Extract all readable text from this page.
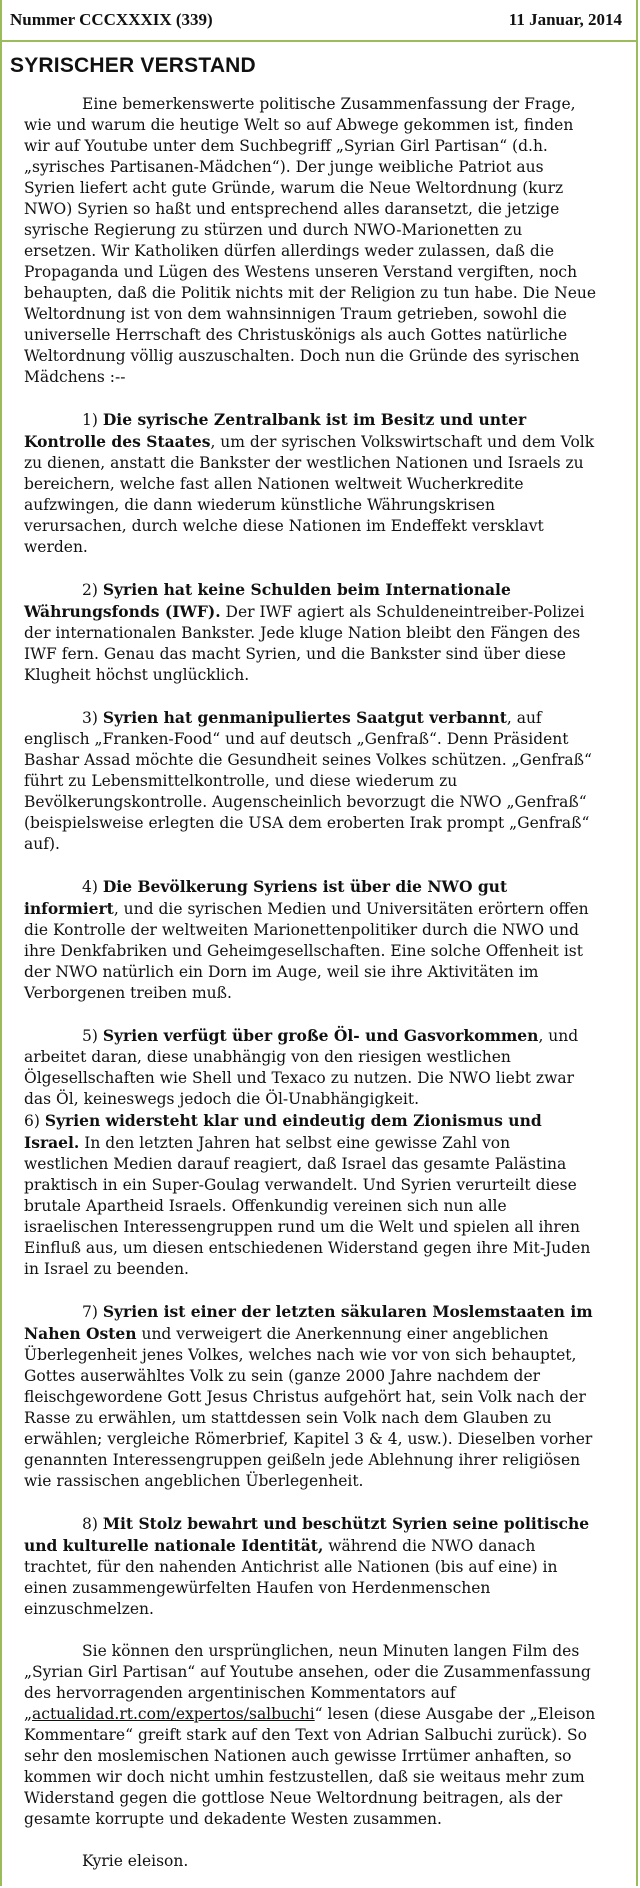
Nummer CCCXXXIX (339)	11 Januar, 2014
SYRISCHER VERSTAND

Eine bemerkenswerte politische Zusammenfassung der Frage, wie und warum die heutige Welt so auf Abwege gekommen ist, finden wir auf Youtube unter dem Suchbegriff „Syrian Girl Partisan“ (d.h. „syrisches Partisanen-Mädchen“). Der junge weibliche Patriot aus Syrien liefert acht gute Gründe, warum die Neue Weltordnung (kurz NWO) Syrien so haßt und entsprechend alles daransetzt, die jetzige syrische Regierung zu stürzen und durch NWO-Marionetten zu ersetzen. Wir Katholiken dürfen allerdings weder zulassen, daß die Propaganda und Lügen des Westens unseren Verstand vergiften, noch behaupten, daß die Politik nichts mit der Religion zu tun habe. Die Neue Weltordnung ist von dem wahnsinnigen Traum getrieben, sowohl die universelle Herrschaft des Christuskönigs als auch Gottes natürliche Weltordnung völlig auszuschalten. Doch nun die Gründe des syrischen Mädchens :--

1) Die syrische Zentralbank ist im Besitz und unter Kontrolle des Staates, um der syrischen Volkswirtschaft und dem Volk zu dienen, anstatt die Bankster der westlichen Nationen und Israels zu bereichern, welche fast allen Nationen weltweit Wucherkredite aufzwingen, die dann wiederum künstliche Währungskrisen verursachen, durch welche diese Nationen im Endeffekt versklavt werden.

2) Syrien hat keine Schulden beim Internationale Währungsfonds (IWF). Der IWF agiert als Schuldeneintreiber-Polizei der internationalen Bankster. Jede kluge Nation bleibt den Fängen des IWF fern. Genau das macht Syrien, und die Bankster sind über diese Klugheit höchst unglücklich.

3) Syrien hat genmanipuliertes Saatgut verbannt, auf englisch „Franken-Food“ und auf deutsch „Genfraß“. Denn Präsident Bashar Assad möchte die Gesundheit seines Volkes schützen. „Genfraß“ führt zu Lebensmittelkontrolle, und diese wiederum zu Bevölkerungskontrolle. Augenscheinlich bevorzugt die NWO „Genfraß“ (beispielsweise erlegten die USA dem eroberten Irak prompt „Genfraß“ auf).

4) Die Bevölkerung Syriens ist über die NWO gut informiert, und die syrischen Medien und Universitäten erörtern offen die Kontrolle der weltweiten Marionettenpolitiker durch die NWO und ihre Denkfabriken und Geheimgesellschaften. Eine solche Offenheit ist der NWO natürlich ein Dorn im Auge, weil sie ihre Aktivitäten im Verborgenen treiben muß.

5) Syrien verfügt über große Öl- und Gasvorkommen, und arbeitet daran, diese unabhängig von den riesigen westlichen Ölgesellschaften wie Shell und Texaco zu nutzen. Die NWO liebt zwar das Öl, keineswegs jedoch die Öl-Unabhängigkeit.

6) Syrien widersteht klar und eindeutig dem Zionismus und Israel. In den letzten Jahren hat selbst eine gewisse Zahl von westlichen Medien darauf reagiert, daß Israel das gesamte Palästina praktisch in ein Super-Goulag verwandelt. Und Syrien verurteilt diese brutale Apartheid Israels. Offenkundig vereinen sich nun alle israelischen Interessengruppen rund um die Welt und spielen all ihren Einfluß aus, um diesen entschiedenen Widerstand gegen ihre Mit-Juden in Israel zu beenden.

7) Syrien ist einer der letzten säkularen Moslemstaaten im Nahen Osten und verweigert die Anerkennung einer angeblichen Überlegenheit jenes Volkes, welches nach wie vor von sich behauptet, Gottes auserwähltes Volk zu sein (ganze 2000 Jahre nachdem der fleischgewordene Gott Jesus Christus aufgehört hat, sein Volk nach der Rasse zu erwählen, um stattdessen sein Volk nach dem Glauben zu erwählen; vergleiche Römerbrief, Kapitel 3 & 4, usw.). Dieselben vorher genannten Interessengruppen geißeln jede Ablehnung ihrer religiösen wie rassischen angeblichen Überlegenheit.

8) Mit Stolz bewahrt und beschützt Syrien seine politische und kulturelle nationale Identität, während die NWO danach trachtet, für den nahenden Antichrist alle Nationen (bis auf eine) in einen zusammengewürfelten Haufen von Herdenmenschen einzuschmelzen.

Sie können den ursprünglichen, neun Minuten langen Film des „Syrian Girl Partisan“ auf Youtube ansehen, oder die Zusammenfassung des hervorragenden argentinischen Kommentators auf „actualidad.rt.com/expertos/salbuchi“ lesen (diese Ausgabe der „Eleison Kommentare“ greift stark auf den Text von Adrian Salbuchi zurück). So sehr den moslemischen Nationen auch gewisse Irrtümer anhaften, so kommen wir doch nicht umhin festzustellen, daß sie weitaus mehr zum Widerstand gegen die gottlose Neue Weltordnung beitragen, als der gesamte korrupte und dekadente Westen zusammen.

Kyrie eleison.
